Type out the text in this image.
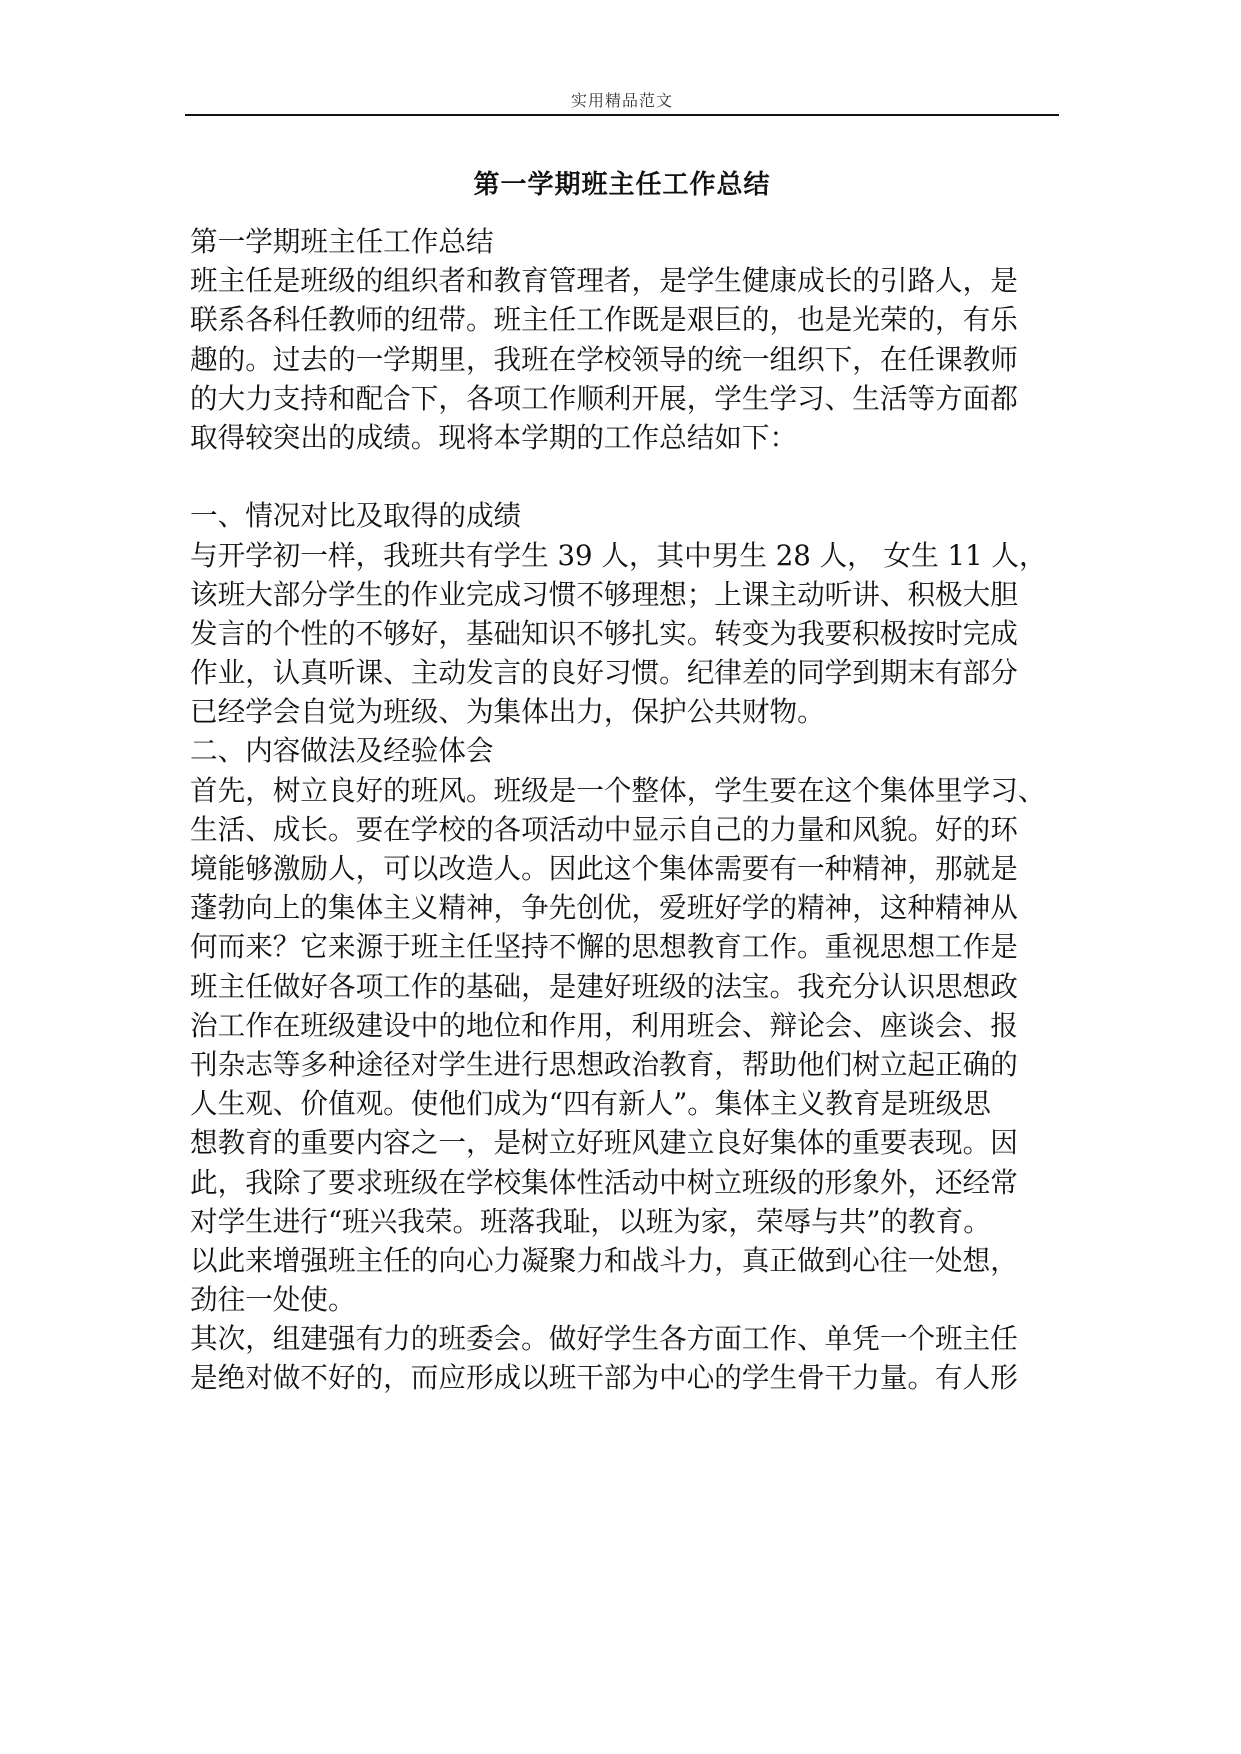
实用精品范文
第一学期班主任工作总结
第一学期班主任工作总结
班主任是班级的组织者和教育管理者，是学生健康成长的引路人，是
联系各科任教师的纽带。班主任工作既是艰巨的，也是光荣的，有乐
趣的。过去的一学期里，我班在学校领导的统一组织下，在任课教师
的大力支持和配合下，各项工作顺利开展，学生学习、生活等方面都
取得较突出的成绩。现将本学期的工作总结如下：
一、情况对比及取得的成绩
与开学初一样，我班共有学生 39 人，其中男生 28 人， 女生 11 人，
该班大部分学生的作业完成习惯不够理想；上课主动听讲、积极大胆
发言的个性的不够好，基础知识不够扎实。转变为我要积极按时完成
作业，认真听课、主动发言的良好习惯。纪律差的同学到期末有部分
已经学会自觉为班级、为集体出力，保护公共财物。
二、内容做法及经验体会
首先，树立良好的班风。班级是一个整体，学生要在这个集体里学习、
生活、成长。要在学校的各项活动中显示自己的力量和风貌。好的环
境能够激励人，可以改造人。因此这个集体需要有一种精神，那就是
蓬勃向上的集体主义精神，争先创优，爱班好学的精神，这种精神从
何而来？它来源于班主任坚持不懈的思想教育工作。重视思想工作是
班主任做好各项工作的基础，是建好班级的法宝。我充分认识思想政
治工作在班级建设中的地位和作用，利用班会、辩论会、座谈会、报
刊杂志等多种途径对学生进行思想政治教育，帮助他们树立起正确的
人生观、价值观。使他们成为“四有新人”。集体主义教育是班级思
想教育的重要内容之一，是树立好班风建立良好集体的重要表现。因
此，我除了要求班级在学校集体性活动中树立班级的形象外，还经常
对学生进行“班兴我荣。班落我耻，以班为家，荣辱与共”的教育。
以此来增强班主任的向心力凝聚力和战斗力，真正做到心往一处想，
劲往一处使。
其次，组建强有力的班委会。做好学生各方面工作、单凭一个班主任
是绝对做不好的，而应形成以班干部为中心的学生骨干力量。有人形
